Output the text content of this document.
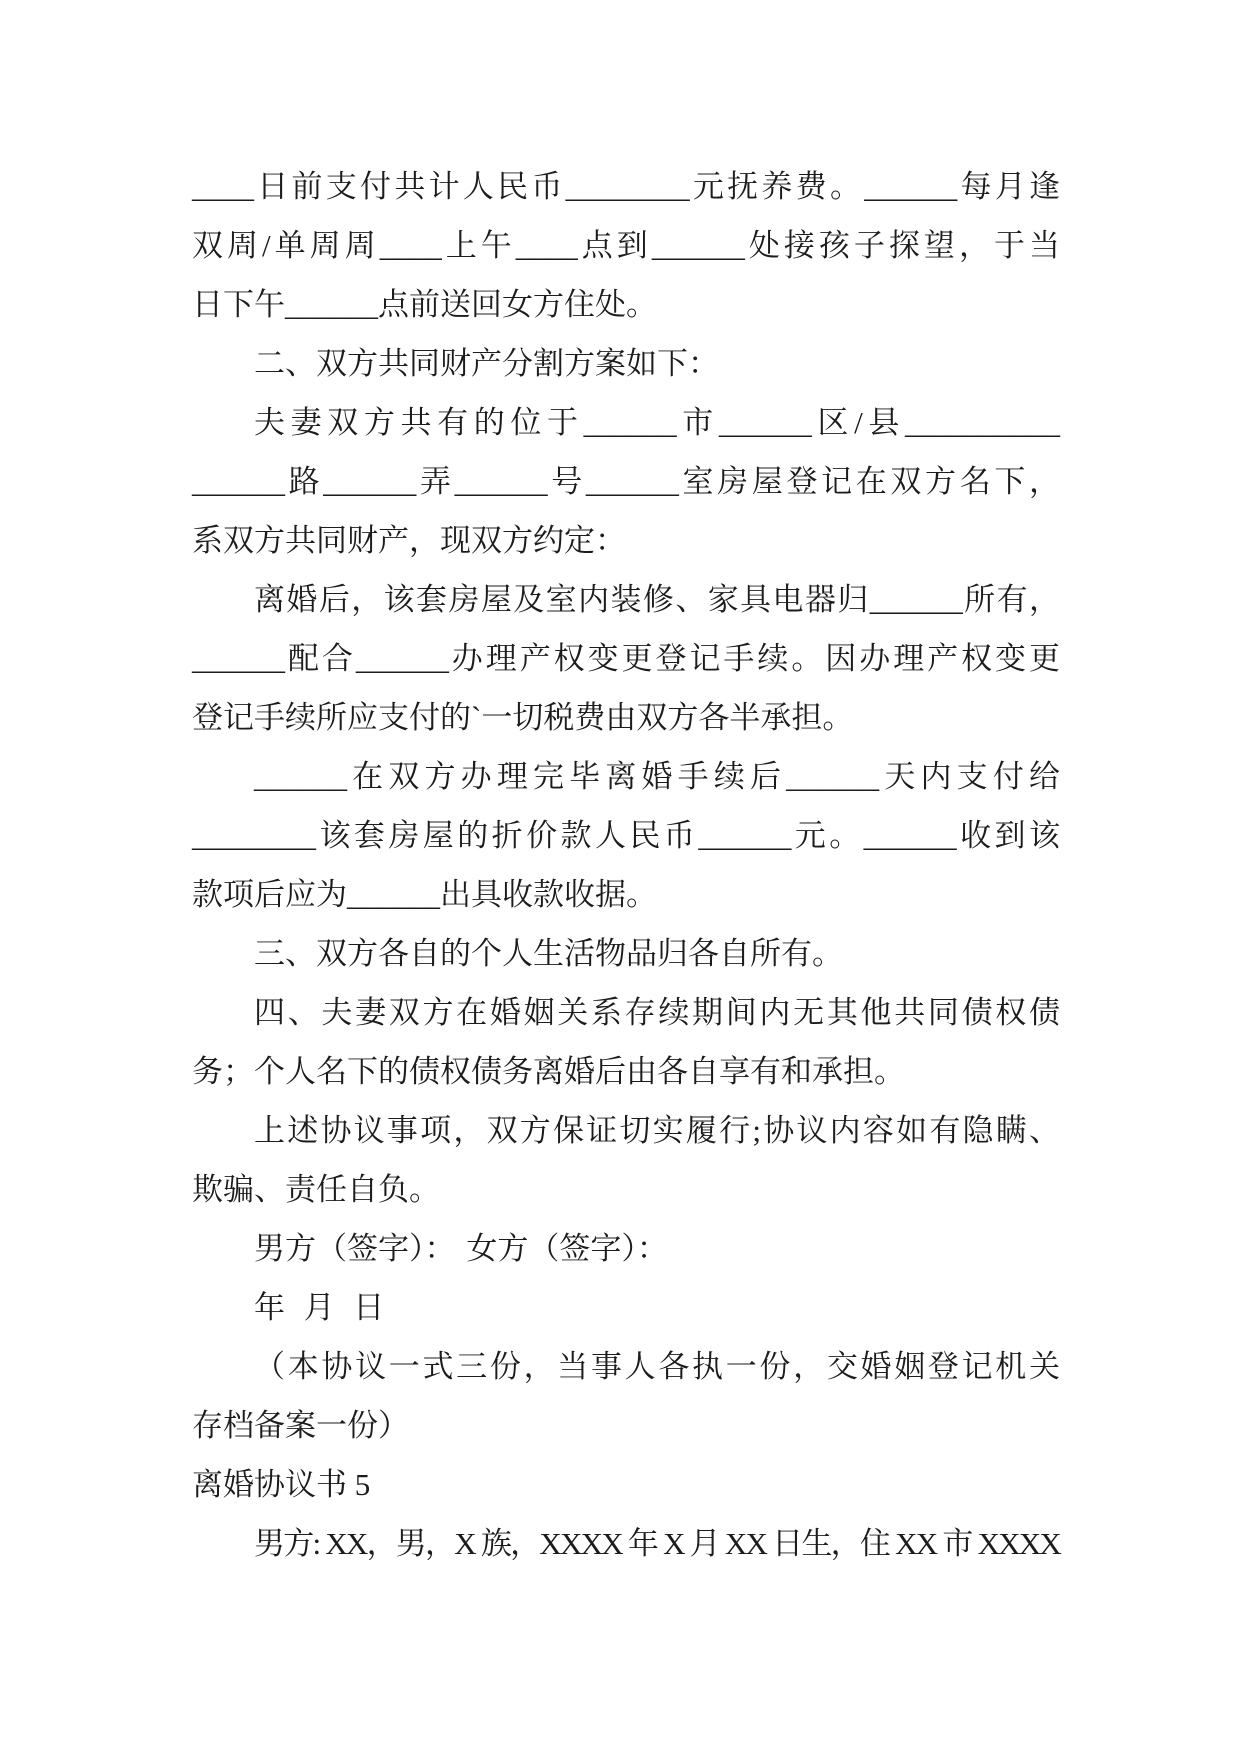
____日前支付共计人民币________元抚养费。______每月逢
双周/单周周____上午____点到______处接孩子探望，于当
日下午______点前送回女方住处。
二、双方共同财产分割方案如下：
夫妻双方共有的位于______市______区/县__________
______路______弄______号______室房屋登记在双方名下，
系双方共同财产，现双方约定：
离婚后，该套房屋及室内装修、家具电器归______所有，
______配合______办理产权变更登记手续。因办理产权变更
登记手续所应支付的`一切税费由双方各半承担。
______在双方办理完毕离婚手续后______天内支付给
________该套房屋的折价款人民币______元。______收到该
款项后应为______出具收款收据。
三、双方各自的个人生活物品归各自所有。
四、夫妻双方在婚姻关系存续期间内无其他共同债权债
务；个人名下的债权债务离婚后由各自享有和承担。
上述协议事项，双方保证切实履行;协议内容如有隐瞒、
欺骗、责任自负。
男方（签字）： 女方（签字）：
年 月 日
（本协议一式三份，当事人各执一份，交婚姻登记机关
存档备案一份）
离婚协议书 5
男方: XX，男，X 族，XXXX 年 X 月 XX 日生，住 XX 市 XXXX
